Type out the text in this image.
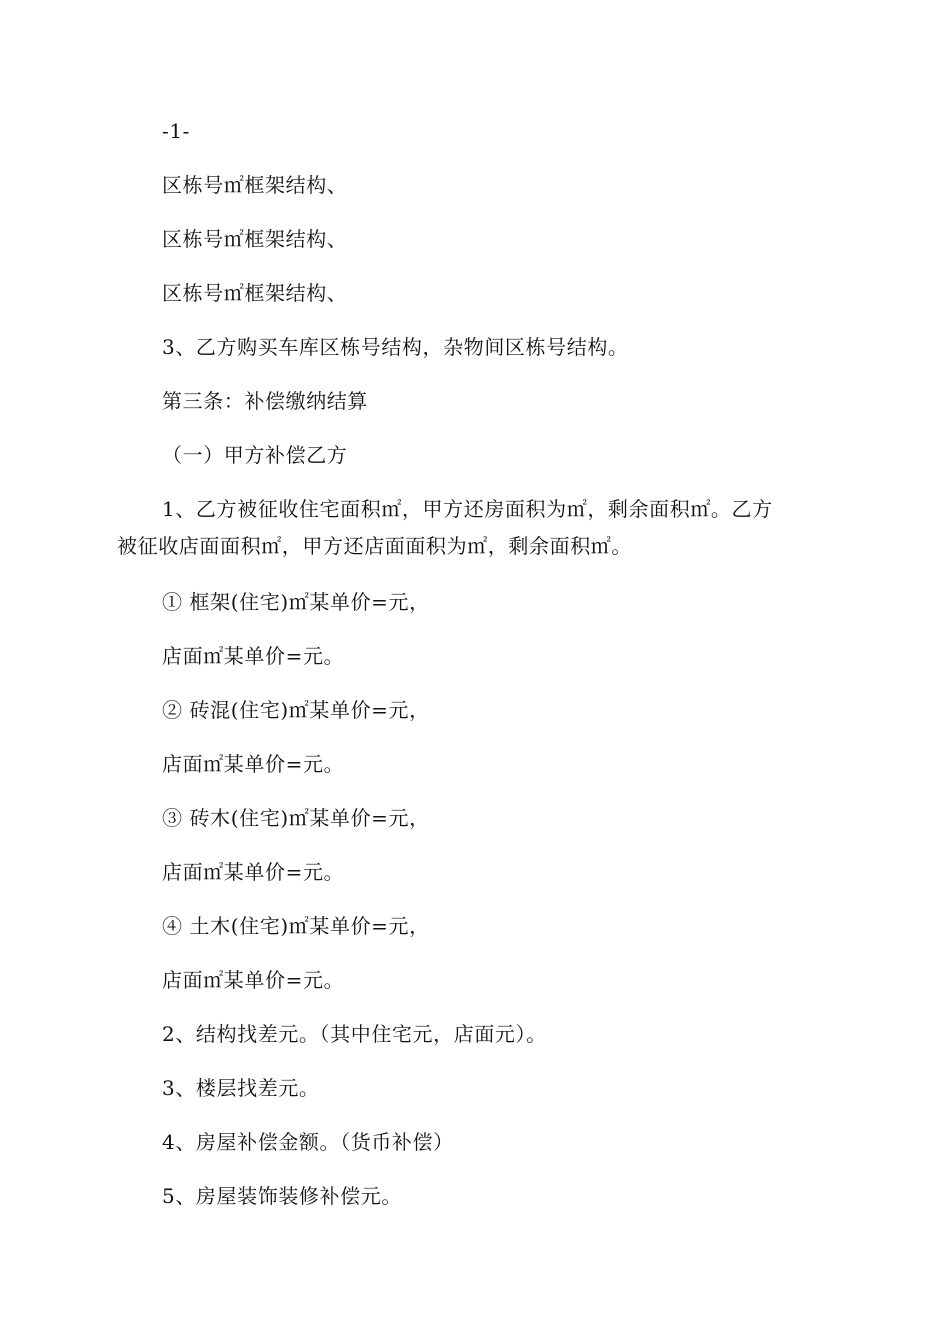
-1-
区栋号㎡框架结构、
区栋号㎡框架结构、
区栋号㎡框架结构、
3、乙方购买车库区栋号结构，杂物间区栋号结构。
第三条：补偿缴纳结算
（一）甲方补偿乙方
1、乙方被征收住宅面积㎡，甲方还房面积为㎡，剩余面积㎡。乙方
被征收店面面积㎡，甲方还店面面积为㎡，剩余面积㎡。
① 框架(住宅)㎡某单价=元，
店面㎡某单价=元。
② 砖混(住宅)㎡某单价=元，
店面㎡某单价=元。
③ 砖木(住宅)㎡某单价=元，
店面㎡某单价=元。
④ 土木(住宅)㎡某单价=元，
店面㎡某单价=元。
2、结构找差元。（其中住宅元，店面元）。
3、楼层找差元。
4、房屋补偿金额。（货币补偿）
5、房屋装饰装修补偿元。
